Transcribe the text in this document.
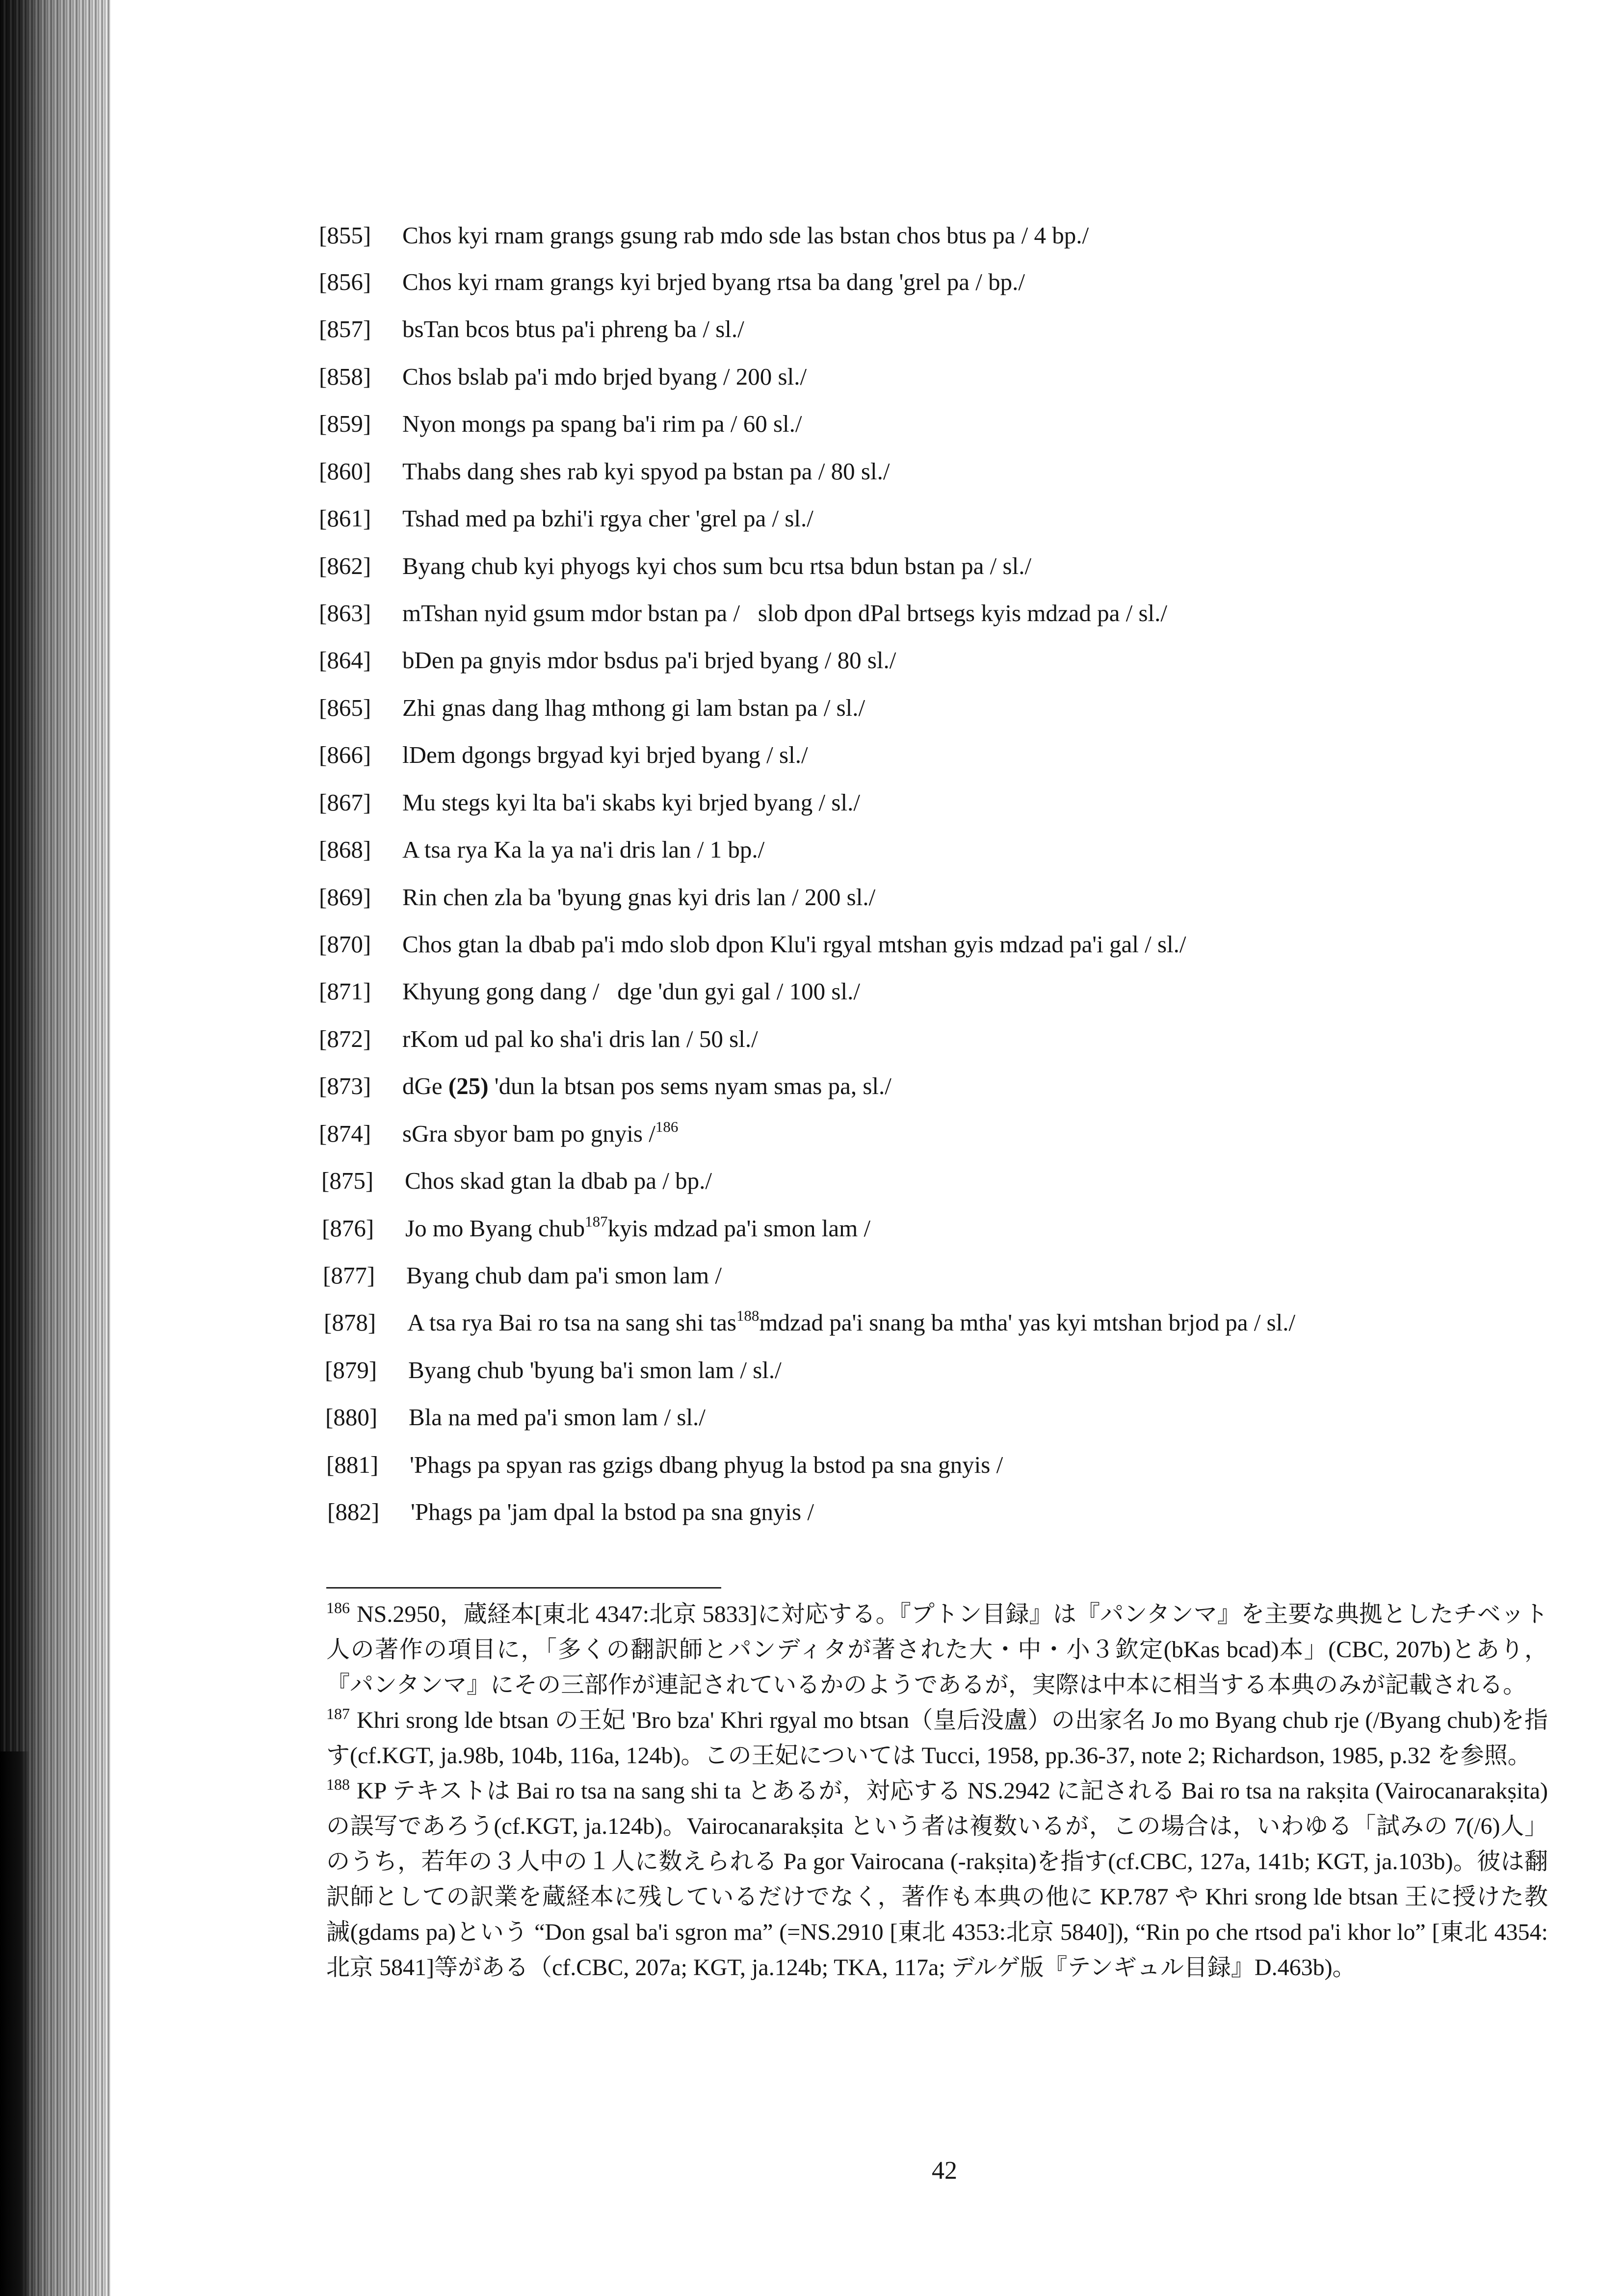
[855] Chos kyi rnam grangs gsung rab mdo sde las bstan chos btus pa / 4 bp./
[856] Chos kyi rnam grangs kyi brjed byang rtsa ba dang 'grel pa / bp./
[857] bsTan bcos btus pa'i phreng ba / sl./
[858] Chos bslab pa'i mdo brjed byang / 200 sl./
[859] Nyon mongs pa spang ba'i rim pa / 60 sl./
[860] Thabs dang shes rab kyi spyod pa bstan pa / 80 sl./
[861] Tshad med pa bzhi'i rgya cher 'grel pa / sl./
[862] Byang chub kyi phyogs kyi chos sum bcu rtsa bdun bstan pa / sl./
[863] mTshan nyid gsum mdor bstan pa /   slob dpon dPal brtsegs kyis mdzad pa / sl./
[864] bDen pa gnyis mdor bsdus pa'i brjed byang / 80 sl./
[865] Zhi gnas dang lhag mthong gi lam bstan pa / sl./
[866] lDem dgongs brgyad kyi brjed byang / sl./
[867] Mu stegs kyi lta ba'i skabs kyi brjed byang / sl./
[868] A tsa rya Ka la ya na'i dris lan / 1 bp./
[869] Rin chen zla ba 'byung gnas kyi dris lan / 200 sl./
[870] Chos gtan la dbab pa'i mdo slob dpon Klu'i rgyal mtshan gyis mdzad pa'i gal / sl./
[871] Khyung gong dang /   dge 'dun gyi gal / 100 sl./
[872] rKom ud pal ko sha'i dris lan / 50 sl./
[873] dGe (25) 'dun la btsan pos sems nyam smas pa, sl./
[874] sGra sbyor bam po gnyis /$^{186}$
[875] Chos skad gtan la dbab pa / bp./
[876] Jo mo Byang chub$^{187}$kyis mdzad pa'i smon lam /
[877] Byang chub dam pa'i smon lam /
[878] A tsa rya Bai ro tsa na sang shi tas$^{188}$mdzad pa'i snang ba mtha' yas kyi mtshan brjod pa / sl./
[879] Byang chub 'byung ba'i smon lam / sl./
[880] Bla na med pa'i smon lam / sl./
[881] 'Phags pa spyan ras gzigs dbang phyug la bstod pa sna gnyis /
[882] 'Phags pa 'jam dpal la bstod pa sna gnyis /

$^{186}$ NS.2950，蔵経本[東北 4347:北京 5833]に対応する。『プトン目録』は『パンタンマ』を主要な典拠としたチベット人の著作の項目に，「多くの翻訳師とパンディタが著された大・中・小３欽定(bKas bcad)本」(CBC, 207b)とあり，『パンタンマ』にその三部作が連記されているかのようであるが，実際は中本に相当する本典のみが記載される。

$^{187}$ Khri srong lde btsan の王妃 'Bro bza' Khri rgyal mo btsan（皇后没盧）の出家名 Jo mo Byang chub rje (/Byang chub)を指す(cf.KGT, ja.98b, 104b, 116a, 124b)。この王妃については Tucci, 1958, pp.36-37, note 2; Richardson, 1985, p.32 を参照。

$^{188}$ KP テキストは Bai ro tsa na sang shi ta とあるが，対応する NS.2942 に記される Bai ro tsa na rakṣita (Vairocanarakṣita)の誤写であろう(cf.KGT, ja.124b)。Vairocanarakṣita という者は複数いるが，この場合は，いわゆる「試みの 7(/6)人」のうち，若年の３人中の１人に数えられる Pa gor Vairocana (-rakṣita)を指す(cf.CBC, 127a, 141b; KGT, ja.103b)。彼は翻訳師としての訳業を蔵経本に残しているだけでなく，著作も本典の他に KP.787 や Khri srong lde btsan 王に授けた教誡(gdams pa)という “Don gsal ba'i sgron ma” (=NS.2910 [東北 4353:北京 5840]), “Rin po che rtsod pa'i khor lo” [東北 4354:北京 5841]等がある（cf.CBC, 207a; KGT, ja.124b; TKA, 117a; デルゲ版『テンギュル目録』D.463b)。

42
